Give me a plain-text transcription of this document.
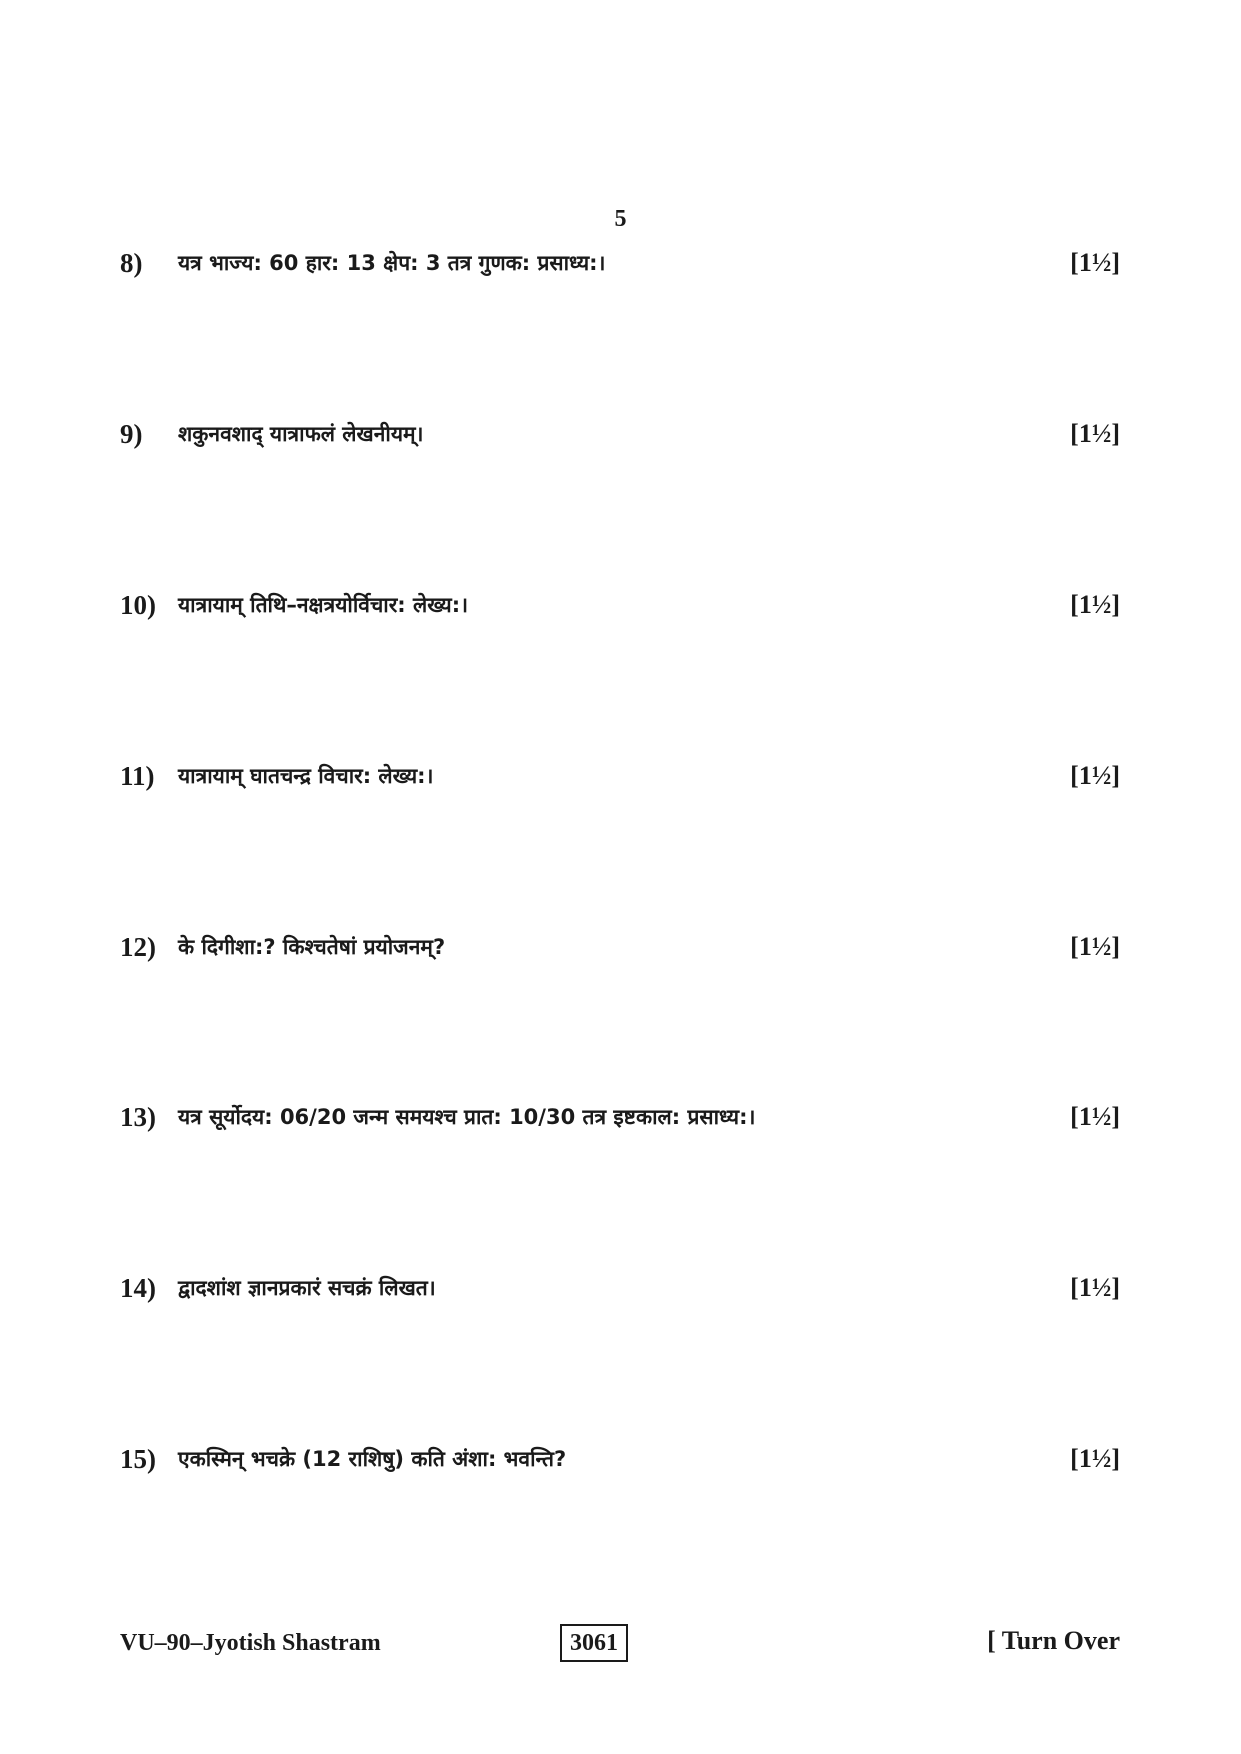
5
8) यत्र भाज्य: 60 हार: 13 क्षेप: 3 तत्र गुणक: प्रसाध्य:।	[1½]
9) शकुनवशाद् यात्राफलं लेखनीयम्।	[1½]
10) यात्रायाम् तिथि–नक्षत्रयोर्विचार: लेख्य:।	[1½]
11) यात्रायाम् घातचन्द्र विचार: लेख्य:।	[1½]
12) के दिगीशा:? किश्चतेषां प्रयोजनम्?	[1½]
13) यत्र सूर्योदय: 06/20 जन्म समयश्च प्रात: 10/30 तत्र इष्टकाल: प्रसाध्य:।	[1½]
14) द्वादशांश ज्ञानप्रकारं सचक्रं लिखत।	[1½]
15) एकस्मिन् भचक्रे (12 राशिषु) कति अंशा: भवन्ति?	[1½]
VU–90–Jyotish Shastram	3061	[ Turn Over
